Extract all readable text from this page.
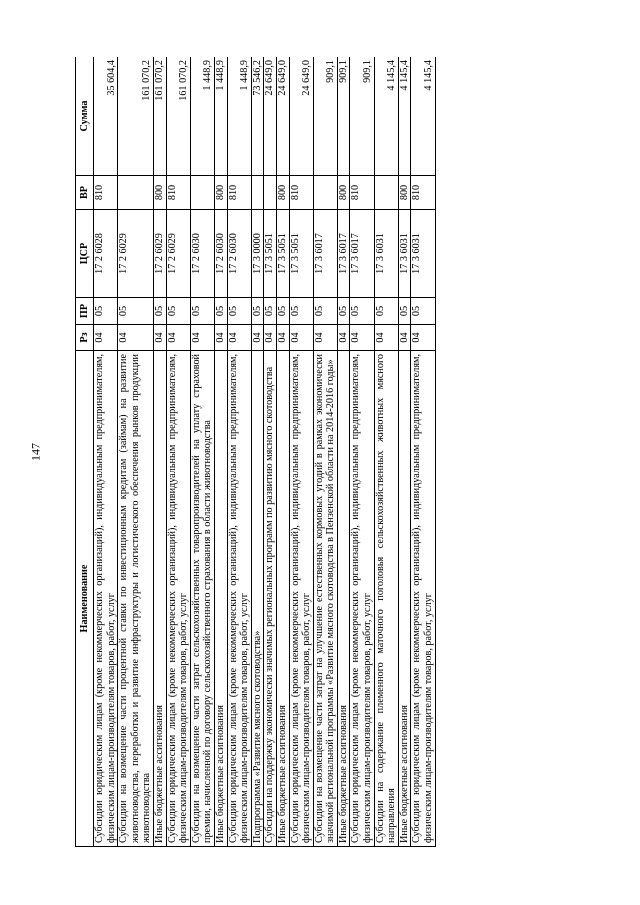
147
Наименование	Рз	ПР	ЦСР	ВР	Сумма
Субсидии юридическим лицам (кроме некоммерческих организаций), индивидуальным предпринимателям, физическим лицам-производителям товаров, работ, услуг	04	05	17 2 6028	810	35 604,4
Субсидии на возмещение части процентной ставки по инвестиционным кредитам (займам) на развитие животноводства, переработки и развитие инфраструктуры и логистического обеспечения рынков продукции животноводства	04	05	17 2 6029		161 070,2
Иные бюджетные ассигнования	04	05	17 2 6029	800	161 070,2
Субсидии юридическим лицам (кроме некоммерческих организаций), индивидуальным предпринимателям, физическим лицам-производителям товаров, работ, услуг	04	05	17 2 6029	810	161 070,2
Субсидии на возмещение части затрат сельскохозяйственных товаропроизводителей на уплату страховой премии, начисленной по договору сельскохозяйственного страхования в области животноводства	04	05	17 2 6030		1 448,9
Иные бюджетные ассигнования	04	05	17 2 6030	800	1 448,9
Субсидии юридическим лицам (кроме некоммерческих организаций), индивидуальным предпринимателям, физическим лицам-производителям товаров, работ, услуг	04	05	17 2 6030	810	1 448,9
Подпрограмма «Развитие мясного скотоводства»	04	05	17 3 0000		73 546,2
Субсидии на поддержку экономически значимых региональных программ по развитию мясного скотоводства	04	05	17 3 5051		24 649,0
Иные бюджетные ассигнования	04	05	17 3 5051	800	24 649,0
Субсидии юридическим лицам (кроме некоммерческих организаций), индивидуальным предпринимателям, физическим лицам-производителям товаров, работ, услуг	04	05	17 3 5051	810	24 649,0
Субсидии на возмещение части затрат на улучшение естественных кормовых угодий в рамках экономически значимой региональной программы «Развитие мясного скотоводства в Пензенской области на 2014-2016 годы»	04	05	17 3 6017		909,1
Иные бюджетные ассигнования	04	05	17 3 6017	800	909,1
Субсидии юридическим лицам (кроме некоммерческих организаций), индивидуальным предпринимателям, физическим лицам-производителям товаров, работ, услуг	04	05	17 3 6017	810	909,1
Субсидии на содержание племенного маточного поголовья сельскохозяйственных животных мясного направления	04	05	17 3 6031		4 145,4
Иные бюджетные ассигнования	04	05	17 3 6031	800	4 145,4
Субсидии юридическим лицам (кроме некоммерческих организаций), индивидуальным предпринимателям, физическим лицам-производителям товаров, работ, услуг	04	05	17 3 6031	810	4 145,4
